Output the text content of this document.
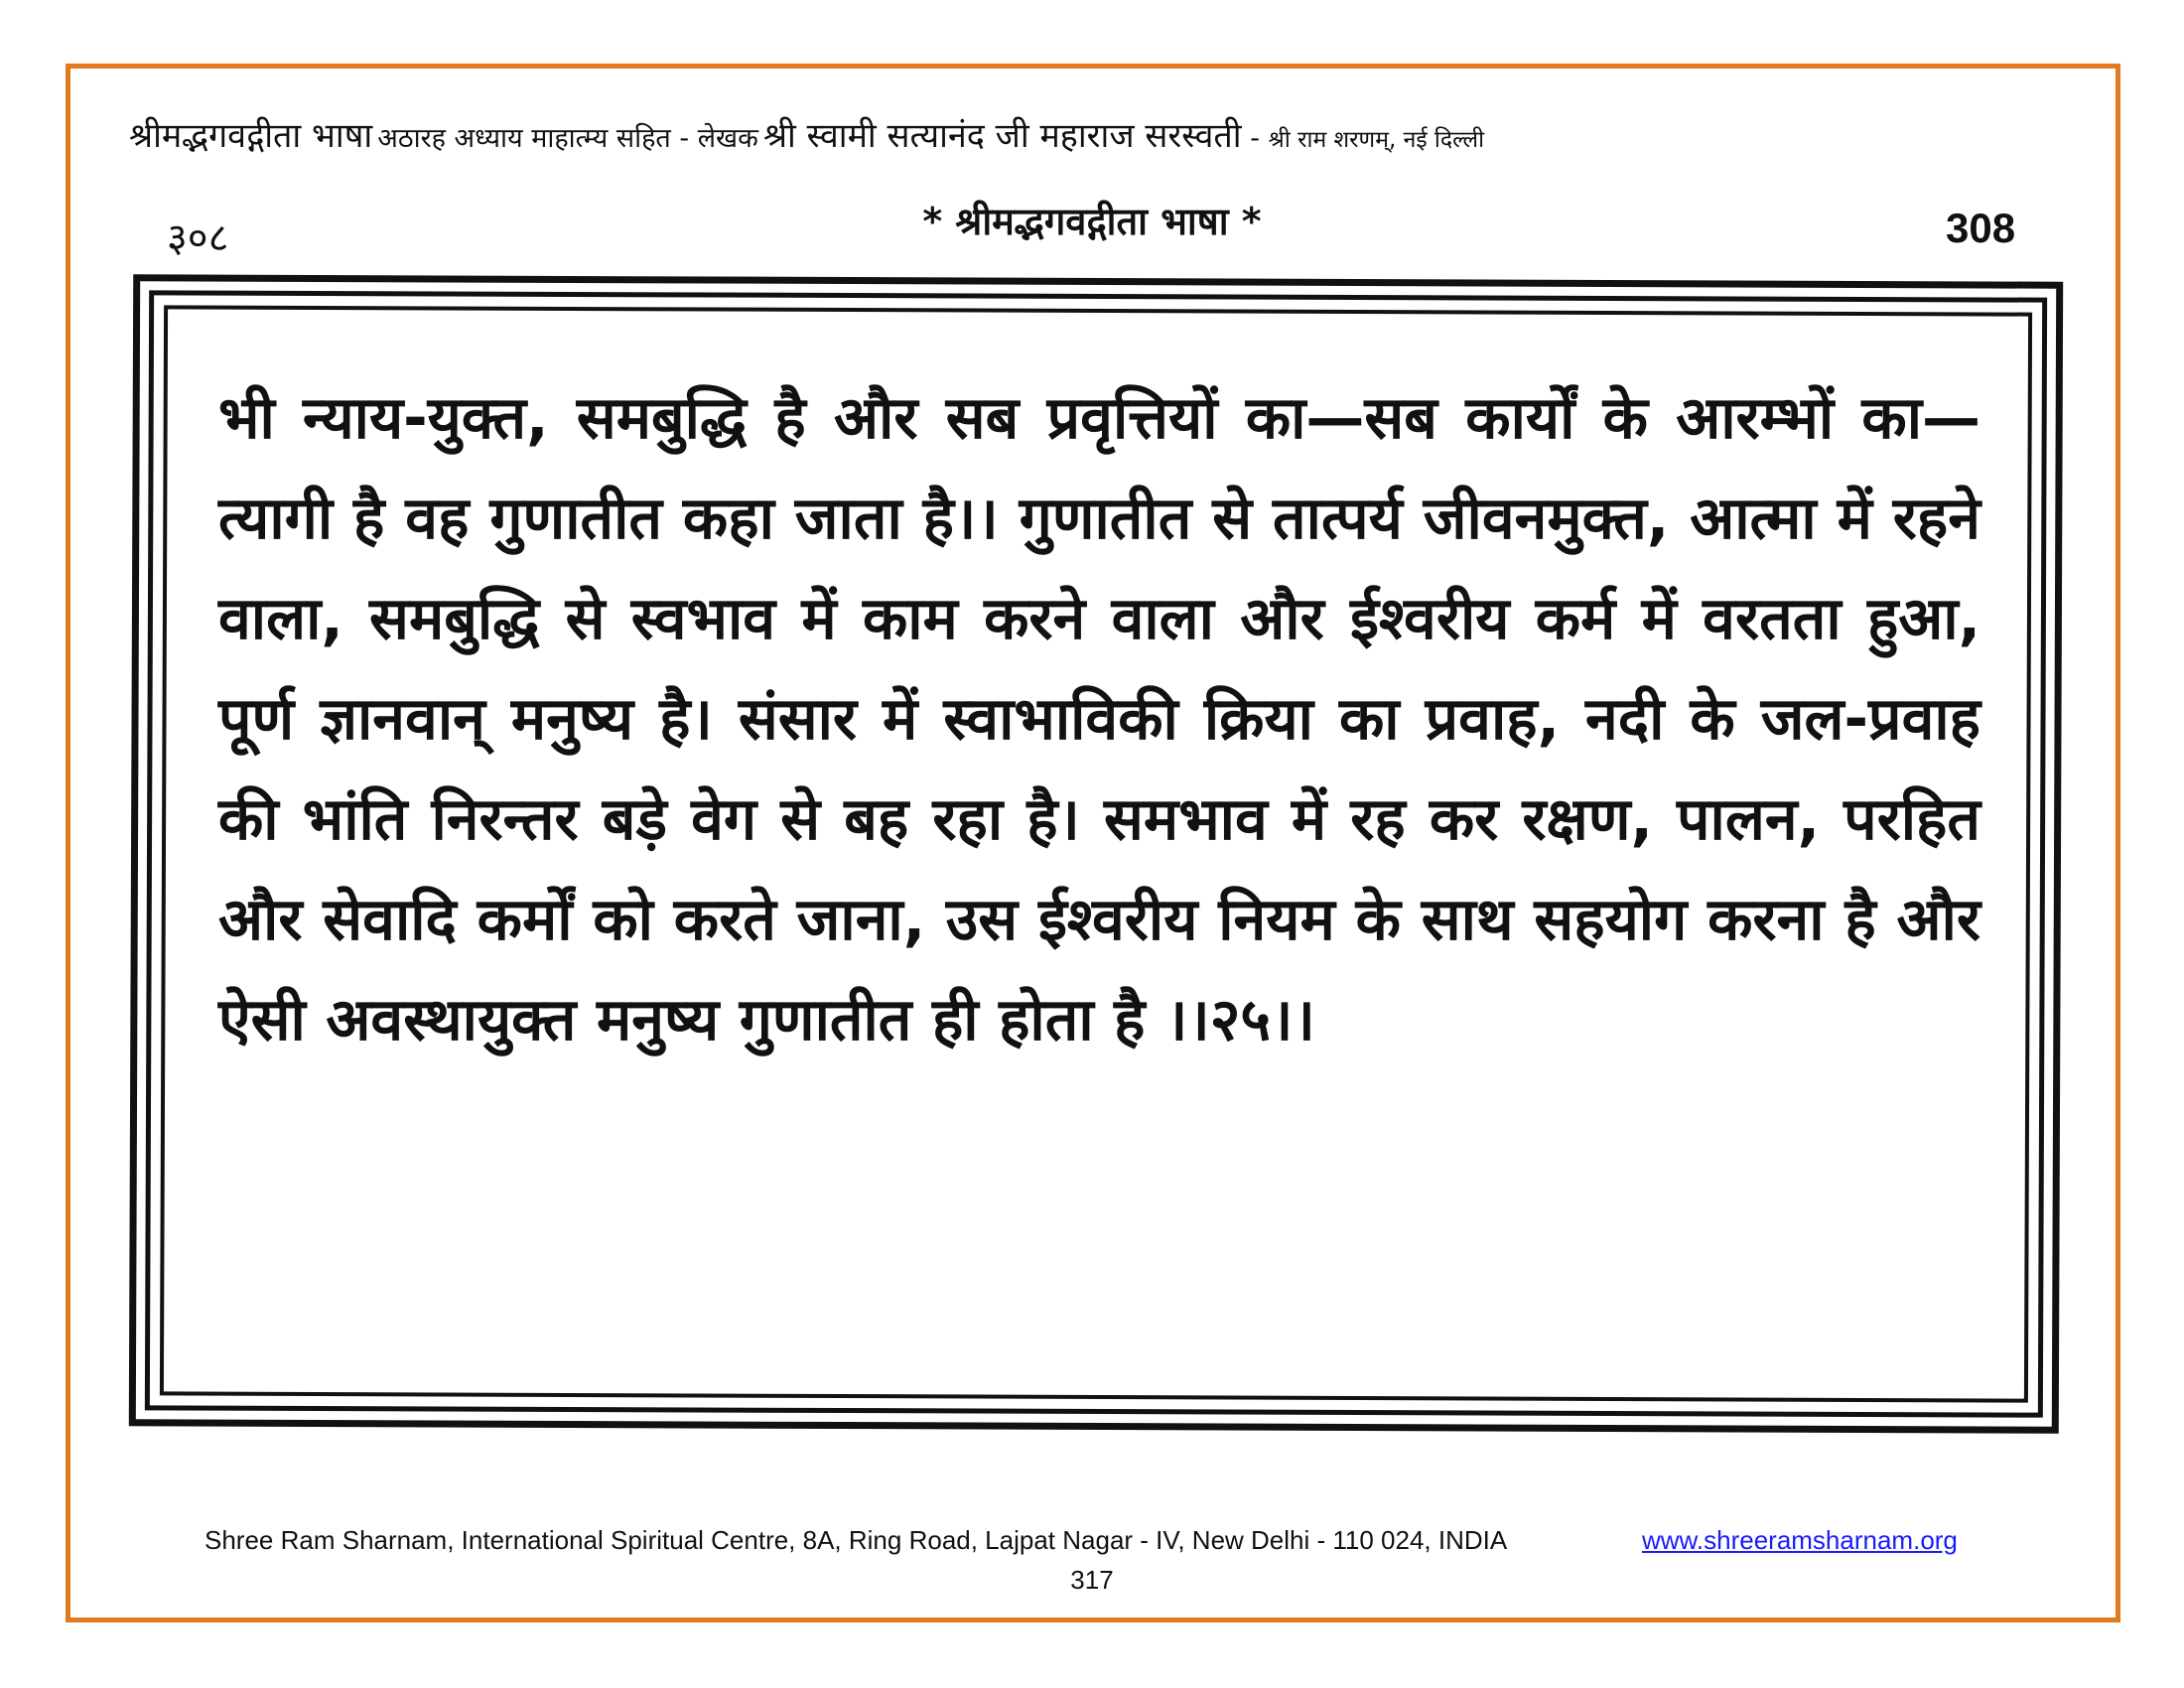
श्रीमद्भगवद्गीता भाषा अठारह अध्याय माहात्म्य सहित - लेखक श्री स्वामी सत्यानंद जी महाराज सरस्वती - श्री राम शरणम्, नई दिल्ली
३०८	* श्रीमद्भगवद्गीता भाषा *	308
भी न्याय-युक्त, समबुद्धि है और सब प्रवृत्तियों का—सब कार्यों के आरम्भों का—त्यागी है वह गुणातीत कहा जाता है।। गुणातीत से तात्पर्य जीवनमुक्त, आत्मा में रहने वाला, समबुद्धि से स्वभाव में काम करने वाला और ईश्वरीय कर्म में वरतता हुआ, पूर्ण ज्ञानवान् मनुष्य है। संसार में स्वाभाविकी क्रिया का प्रवाह, नदी के जल-प्रवाह की भांति निरन्तर बड़े वेग से बह रहा है। समभाव में रह कर रक्षण, पालन, परहित और सेवादि कर्मों को करते जाना, उस ईश्वरीय नियम के साथ सहयोग करना है और ऐसी अवस्थायुक्त मनुष्य गुणातीत ही होता है ।।२५।।
Shree Ram Sharnam, International Spiritual Centre, 8A, Ring Road, Lajpat Nagar - IV, New Delhi - 110 024, INDIA	www.shreeramsharnam.org
317
